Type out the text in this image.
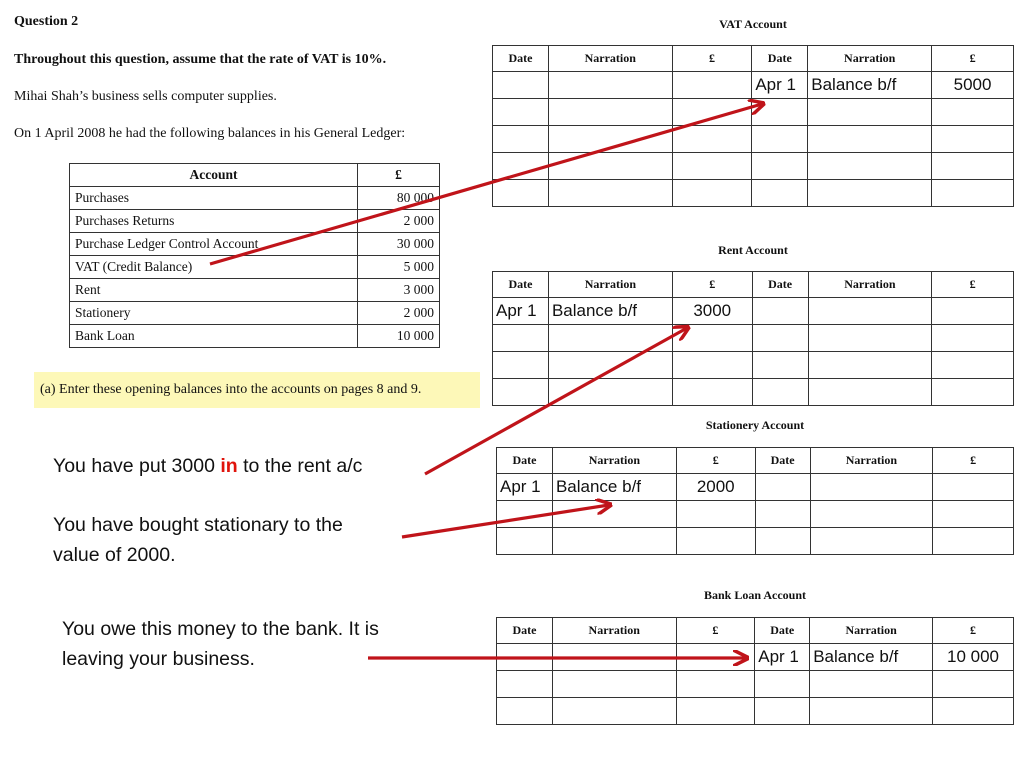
Question 2
Throughout this question, assume that the rate of VAT is 10%.
Mihai Shah’s business sells computer supplies.
On 1 April 2008 he had the following balances in his General Ledger:
Account	£
Purchases	80 000
Purchases Returns	2 000
Purchase Ledger Control Account	30 000
VAT (Credit Balance)	5 000
Rent	3 000
Stationery	2 000
Bank Loan	10 000
(a) Enter these opening balances into the accounts on pages 8 and 9.
VAT Account
Date	Narration	£	Date	Narration	£
			Apr 1	Balance b/f	5000

Rent Account
Date	Narration	£	Date	Narration	£
Apr 1	Balance b/f	3000			

Stationery Account
Date	Narration	£	Date	Narration	£
Apr 1	Balance b/f	2000			

Bank Loan Account
Date	Narration	£	Date	Narration	£
			Apr 1	Balance b/f	10 000

You have put 3000 in to the rent a/c
You have bought stationary to the
value of 2000.
You owe this money to the bank. It is
leaving your business.
